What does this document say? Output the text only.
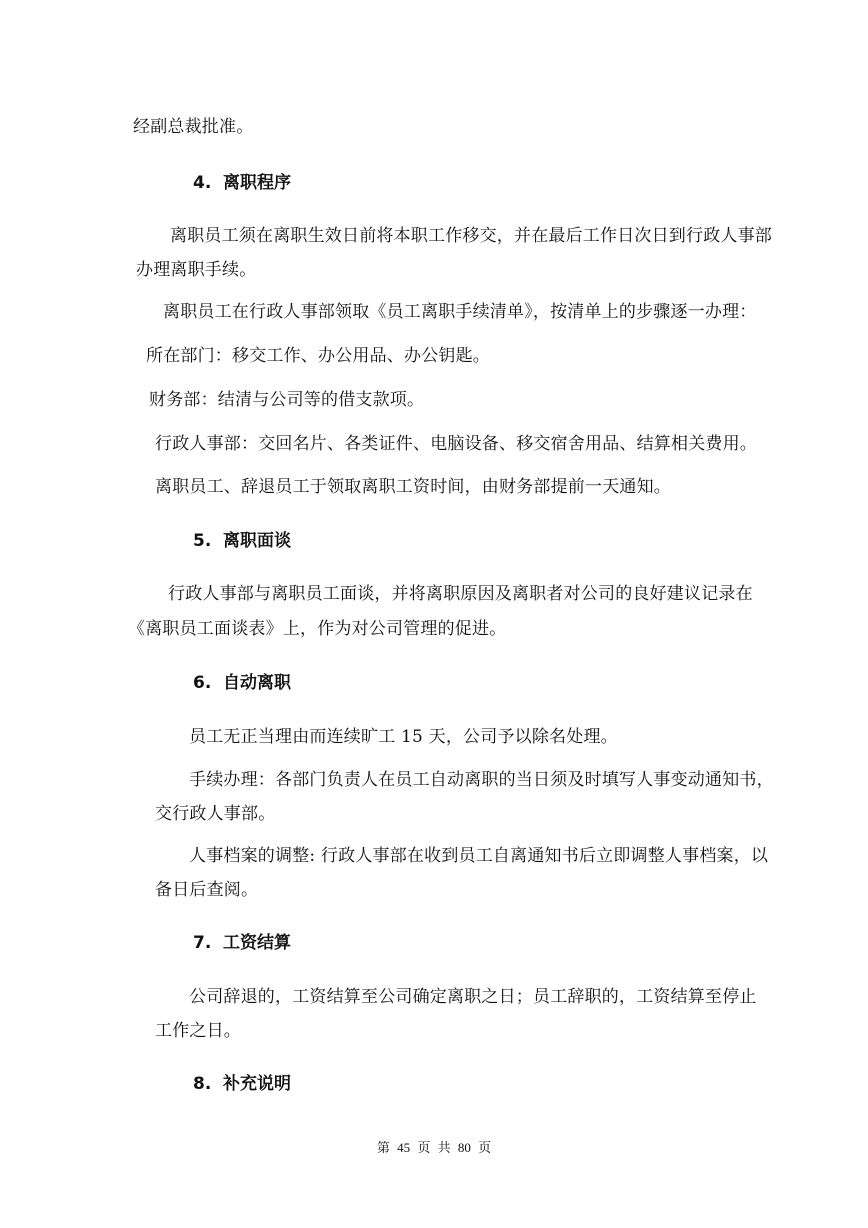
经副总裁批准。
4. 离职程序
离职员工须在离职生效日前将本职工作移交，并在最后工作日次日到行政人事部
办理离职手续。
离职员工在行政人事部领取《员工离职手续清单》，按清单上的步骤逐一办理：
所在部门：移交工作、办公用品、办公钥匙。
财务部：结清与公司等的借支款项。
行政人事部：交回名片、各类证件、电脑设备、移交宿舍用品、结算相关费用。
离职员工、辞退员工于领取离职工资时间，由财务部提前一天通知。
5. 离职面谈
行政人事部与离职员工面谈，并将离职原因及离职者对公司的良好建议记录在
《离职员工面谈表》上，作为对公司管理的促进。
6. 自动离职
员工无正当理由而连续旷工 15 天，公司予以除名处理。
手续办理：各部门负责人在员工自动离职的当日须及时填写人事变动通知书，
交行政人事部。
人事档案的调整: 行政人事部在收到员工自离通知书后立即调整人事档案，以
备日后查阅。
7. 工资结算
公司辞退的，工资结算至公司确定离职之日；员工辞职的，工资结算至停止
工作之日。
8. 补充说明
第 45 页 共 80 页
